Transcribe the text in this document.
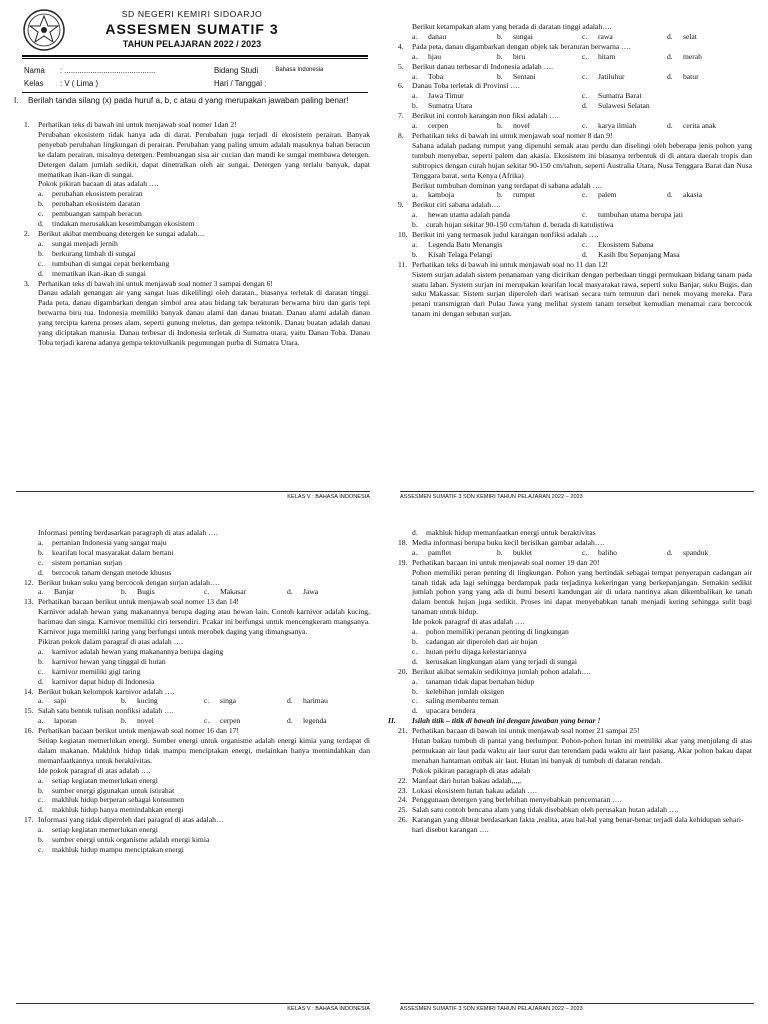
SD NEGERI KEMIRI SIDOARJO
ASSESMEN SUMATIF 3
TAHUN PELAJARAN 2022 / 2023
Nama : ..........................................	Bidang Studi : Bahasa Indonesia
Kelas : V ( Lima )	Hari / Tanggal :
I. Berilah tanda silang (x) pada huruf a, b, c atau d yang merupakan jawaban paling benar!
1.	Perhatikan teks di bawah ini untuk menjawab soal nomer 1dan 2!
Perubahan ekosistem tidak hanya ada di darat. Perubahan juga terjadi di ekosistem perairan. Banyak penyebab perubahan lingkungan di perairan. Perubahan yang paling umum adalah masuknya bahan beracun ke dalam perairan, misalnya detergen. Pembuangan sisa air cucian dan mandi ke sungai membawa detergen. Detergen dalam jumlah sedikit, dapat dinetralkan oleh air sungai. Detergen yang terlalu banyak, dapat mematikan ikan-ikan di sungai.
Pokok pikiran bacaan di atas adalah ….
a.	perubahan ekosistem perairan
b.	perubahan ekosistem daratan
c.	pembuangan sampah beracun
d.	tindakan merusakkan keseimbangan ekosistem
2.	Berikut akibat membuang detergen ke sungai adalah....
a.	sungai menjadi jernih
b.	berkurang limbah di sungai
c.	tumbuhan di sungai cepat berkembang
d.	mematikan ikan-ikan di sungai
3.	Perhatikan teks di bawah ini untuk menjawab soal nomer 3 sampai dengan 6!
Danau adalah genangan air yang sangat luas dikelilingi oleh daratan., biasanya terletak di daratan tinggi. Pada peta, danau digambarkan dengan simbol area atau bidang tak beraturan berwarna biru dan garis tepi berwarna biru tua. Indonesia memiliki banyak danau alami dan danau buatan. Danau alami adalah danau yang tercipta karena proses alam, seperti gunung meletus, dan gempa tektonik. Danau buatan adalah danau yang diciptakan manusia. Danau terbesar di Indonesia terletak di Sumatra utara, yaitu Danau Toba. Danau Toba terjadi karena adanya gempa tektovulkanik pegunungan purba di Sumatra Utara.
KELAS V : BAHASA INDONESIA
Berikut ketampakan alam yang berada di daratan tinggi adalah….
a.	danau	b.	sungai	c.	rawa	d.	selat
4.	Pada peta, danau digambarkan dengan objek tak beraturan berwarna ….
a.	hjau	b.	biru	c.	hitam	d.	merah
5.	Berikut danau terbesar di Indonesia adalah ….
a.	Toba	b.	Sentani	c.	Jatiluhur	d.	batur
6.	Danau Toba terletak di Provinsi ….
a.	Jawa Timur	c.	Sumatra Barat
b.	Sumatra Utara	d.	Sulawesi Selatan
7.	Berikut ini contoh karangan non fiksi adalah ….
a.	cerpen	b.	novel	c.	karya ilmiah	d.	cerita anak
8.	Perhatikan teks di bawah ini untuk menjawab soal nomer 8 dan 9!
Sabana adalah padang rumput yang dipenuhi semak atau perdu dan diselingi oleh beberapa jenis pohon yang tumbuh menyebar, seperti palem dan akasia. Ekosistem ini biasanya terbentuk di di antara daerah tropis dan subtropics dengan curah hujan sekitar 90-150 cm/tahun, seperti Australia Utara, Nusa Tenggara Barat dan Nusa Tenggara barat, serta Kenya (Afrika)
Berikut tumbuhan dominan yang terdapat di sabana adalah ….
a.	kamboja	b.	rumput	c.	palem	d.	akasia
9.	Berikut ciri sabana adalah….
a.	hewan utama adalah panda	c.	tumbuhan utama berupa jati
b.	curah hujan sekitar 90-150 ccm/tahun d. berada di katulistiwa
10. Berikut ini yang termasuk judul karangan nonfiksi adalah ….
a.	Legenda Batu Menangis	c.	Ekosistem Sabana
b.	Kisah Telaga Pelangi	d.	Kasih Ibu Sepanjang Masa
11. Perhatikan teks di bawah ini untuk menjawab soal no 11 dan 12!
Sistem surjan adalah sistem penanaman yang dicirikan dengan perbedaan tinggi permukaan bidang tanam pada suatu lahan. System surjan ini merupakan kearifan local masyarakat rawa, seperti suku Banjar, suku Bugis, dan suku Makassar. Sistem surjan diperoleh dari warisan secara turn temurun dari nenek moyang mereka. Para petani transmigran dari Pulau Jawa yang melihat system tanam tersebut kemudian menamai cara bercocok tanam ini dengan sebutan surjan.
ASSESMEN SUMATIF 3 SDN KEMIRI TAHUN PELAJARAN 2022 – 2023
Informasi penting berdasarkan paragraph di atas adalah ….
a.	pertanian Indonesia yang sangat maju
b.	kearifan local masyarakat dalam bertani
c.	sistem pertanian surjan
d.	bercocok tanam dengan metode khusus
12. Berikut bukan suku yang bercocok dengan surjan adalah….
a.	Banjar	b.	Bugis	c.	Makasar	d.	Jawa
13. Perhatikan bacaan berikut untuk menjawab soal nomer 13 dan 14!
Karnivor adalah hewan yang makanannya berupa daging atau hewan lain. Contoh karnivor adalah kucing, harimau dan singa. Karnivor memiliki ciri tersendiri. Pcakar ini berfungsi untuk mencengkeram mangsanya. Karnivor juga memiliki taring yang berfungsi untuk merobek daging yang dimangsanya.
Pikiran pokok dalam paragraf di atas adalah ….
a.	karnivor adalah hewan yang makanannya berupa daging
b.	karnivor hewan yang tinggal di hutan
c.	karnivor memiliki gigi taring
d.	karnivor dapat hidup di Indonesia
14. Berikut bukan kelompok karnivor adalah ….
a.	sapi	b.	kucing	c.	singa	d.	harimau
15. Salah satu bentuk tulisan nonfiksi adalah ….
a.	laporan	b.	novel	c.	cerpen	d.	legenda
16. Perhatikan bacaan berikut untuk menjawab soal nomer 16 dan 17!
Setiap kegiatan memerlukan energi. Sumber energi untuk organisme adalah energi kimia yang terdapat di dalam makanan. Makhluk hidup tidak mampu menciptakan energi, melainkan hanya memindahkan dan memanfaatkannya untuk beraktivitas.
Ide pokok paragraf di atas adalah ….
a.	setiap kegiatan memerlukan energi
b.	sumber energi gigunakan untuk istirahat
c.	makhluk hidup berperan sebagai konsumen
d.	makhluk hidup hanya memindahkan energi
17. Informasi yang tidak diperoleh dari paragraf di atas adalah…
a.	setiap kegiatan memerlukan energi
b.	sumber energi untuk organisme adalah energi kimia
c.	makhluk hidup mampu menciptakan energi
KELAS V : BAHASA INDONESIA
d.	makhluk hidup memanfaatkan energi untuk beraktivitas
18. Media informasi berupa buku kecil berisikan gambar adalah….
a.	pamflet	b.	buklet	c.	baliho	d.	spanduk
19. Perhatikan bacaan ini untuk menjawab soal nomer 19 dan 20!
Pohon memiliki peran penting di lingkungan. Pohon yang bertindak sebagai tempat penyerapan cadangan air tanah tidak ada lagi sehingga berdampak pada terjadinya kekeringan yang berkepanjangan. Semakin sedikit jumlah pohon yang yang ada di bumi beserti kandungan air di udara nantinya akan dikembalikan ke tanah dalam bentuk hujan juga sedikit. Proses ini dapat menyebabkan tanah menjadi kering sehingga sulit bagi tanaman untuk hidup.
Ide pokok paragraf di atas adalah ….
a.	pohon memiliki peranan penting di lingkungan
b.	cadangan air diperoleh dari air hujan
c.	hutan perlu dijaga kelestariannya
d.	kerusakan lingkungan alam yang terjadi di sungai
20. Berikut akibat semakin sedikitnya jumlah pohon adalah….
a.	tanaman tidak dapat bertahan hidup
b.	kelebihan jumlah oksigen
c.	saling membantu teman
d.	upacara bendera
II.	Isilah titik – titik di bawah ini dengan jawaban yang benar !
21. Perhatikan bacaan di bawah ini untuk menjawab soal nomer 21 sampai 25!
Hutan bakau tumbuh di pantai yang berlumpur. Pohon-pohon hutan ini memiliki akar yang menjulang di atas permukaan air laut pada waktu air laut surut dan terendam pada waktu air laut pasang. Akar pohon bakau dapat menahan hantaman ombak air laut. Hutan ini banyak di tumbuh di dataran rendah.
Pokok pikiran paragraph di atas adalah
22. Manfaat dari hutan bakau adalah,,,,,
23. Lokasi ekosistem hutan bakau adalah ….
24. Penggunaan detergen yang berlebihan menyebabkan pencemaran ….
25. Salah satu contoh bencana alam yang tidak disebabkan oleh perusakan hutan adalah ….
26. Karangan yang dibuat berdasarkan fakta ,realita, atau hal-hal yang benar-benar terjadi dala kehidupan sehari-hari disebut karangan ….
ASSESMEN SUMATIF 3 SDN KEMIRI TAHUN PELAJARAN 2022 – 2023
